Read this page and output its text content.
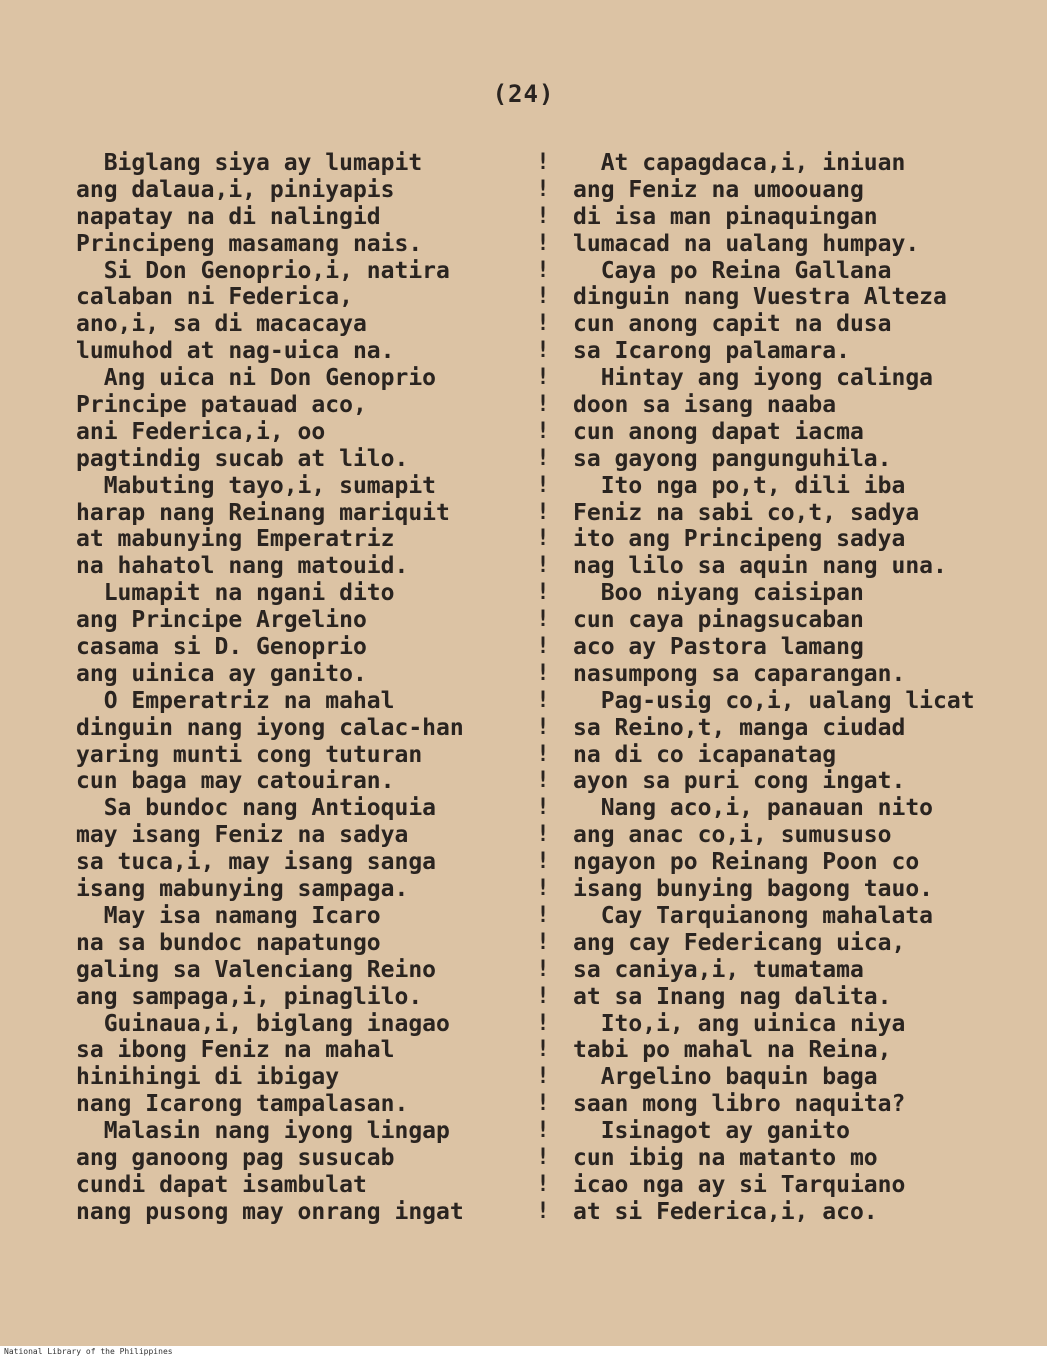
(24)
Biglang siya ay lumapit
ang dalaua,i, piniyapis
napatay na di nalingid
Principeng masamang nais.
Si Don Genoprio,i, natira
calaban ni Federica,
ano,i, sa di macacaya
lumuhod at nag-uica na.
Ang uica ni Don Genoprio
Principe patauad aco,
ani Federica,i, oo
pagtindig sucab at lilo.
Mabuting tayo,i, sumapit
harap nang Reinang mariquit
at mabunying Emperatriz
na hahatol nang matouid.
Lumapit na ngani dito
ang Principe Argelino
casama si D. Genoprio
ang uinica ay ganito.
O Emperatriz na mahal
dinguin nang iyong calac-han
yaring munti cong tuturan
cun baga may catouiran.
Sa bundoc nang Antioquia
may isang Feniz na sadya
sa tuca,i, may isang sanga
isang mabunying sampaga.
May isa namang Icaro
na sa bundoc napatungo
galing sa Valenciang Reino
ang sampaga,i, pinaglilo.
Guinaua,i, biglang inagao
sa ibong Feniz na mahal
hinihingi di ibigay
nang Icarong tampalasan.
Malasin nang iyong lingap
ang ganoong pag susucab
cundi dapat isambulat
nang pusong may onrang ingat
!
!
!
!
!
!
!
!
!
!
!
!
!
!
!
!
!
!
!
!
!
!
!
!
!
!
!
!
!
!
!
!
!
!
!
!
!
!
!
!
At capagdaca,i, iniuan
ang Feniz na umoouang
di isa man pinaquingan
lumacad na ualang humpay.
Caya po Reina Gallana
dinguin nang Vuestra Alteza
cun anong capit na dusa
sa Icarong palamara.
Hintay ang iyong calinga
doon sa isang naaba
cun anong dapat iacma
sa gayong pangunguhila.
Ito nga po,t, dili iba
Feniz na sabi co,t, sadya
ito ang Principeng sadya
nag lilo sa aquin nang una.
Boo niyang caisipan
cun caya pinagsucaban
aco ay Pastora lamang
nasumpong sa caparangan.
Pag-usig co,i, ualang licat
sa Reino,t, manga ciudad
na di co icapanatag
ayon sa puri cong ingat.
Nang aco,i, panauan nito
ang anac co,i, sumususo
ngayon po Reinang Poon co
isang bunying bagong tauo.
Cay Tarquianong mahalata
ang cay Federicang uica,
sa caniya,i, tumatama
at sa Inang nag dalita.
Ito,i, ang uinica niya
tabi po mahal na Reina,
Argelino baquin baga
saan mong libro naquita?
Isinagot ay ganito
cun ibig na matanto mo
icao nga ay si Tarquiano
at si Federica,i, aco.
National Library of the Philippines
